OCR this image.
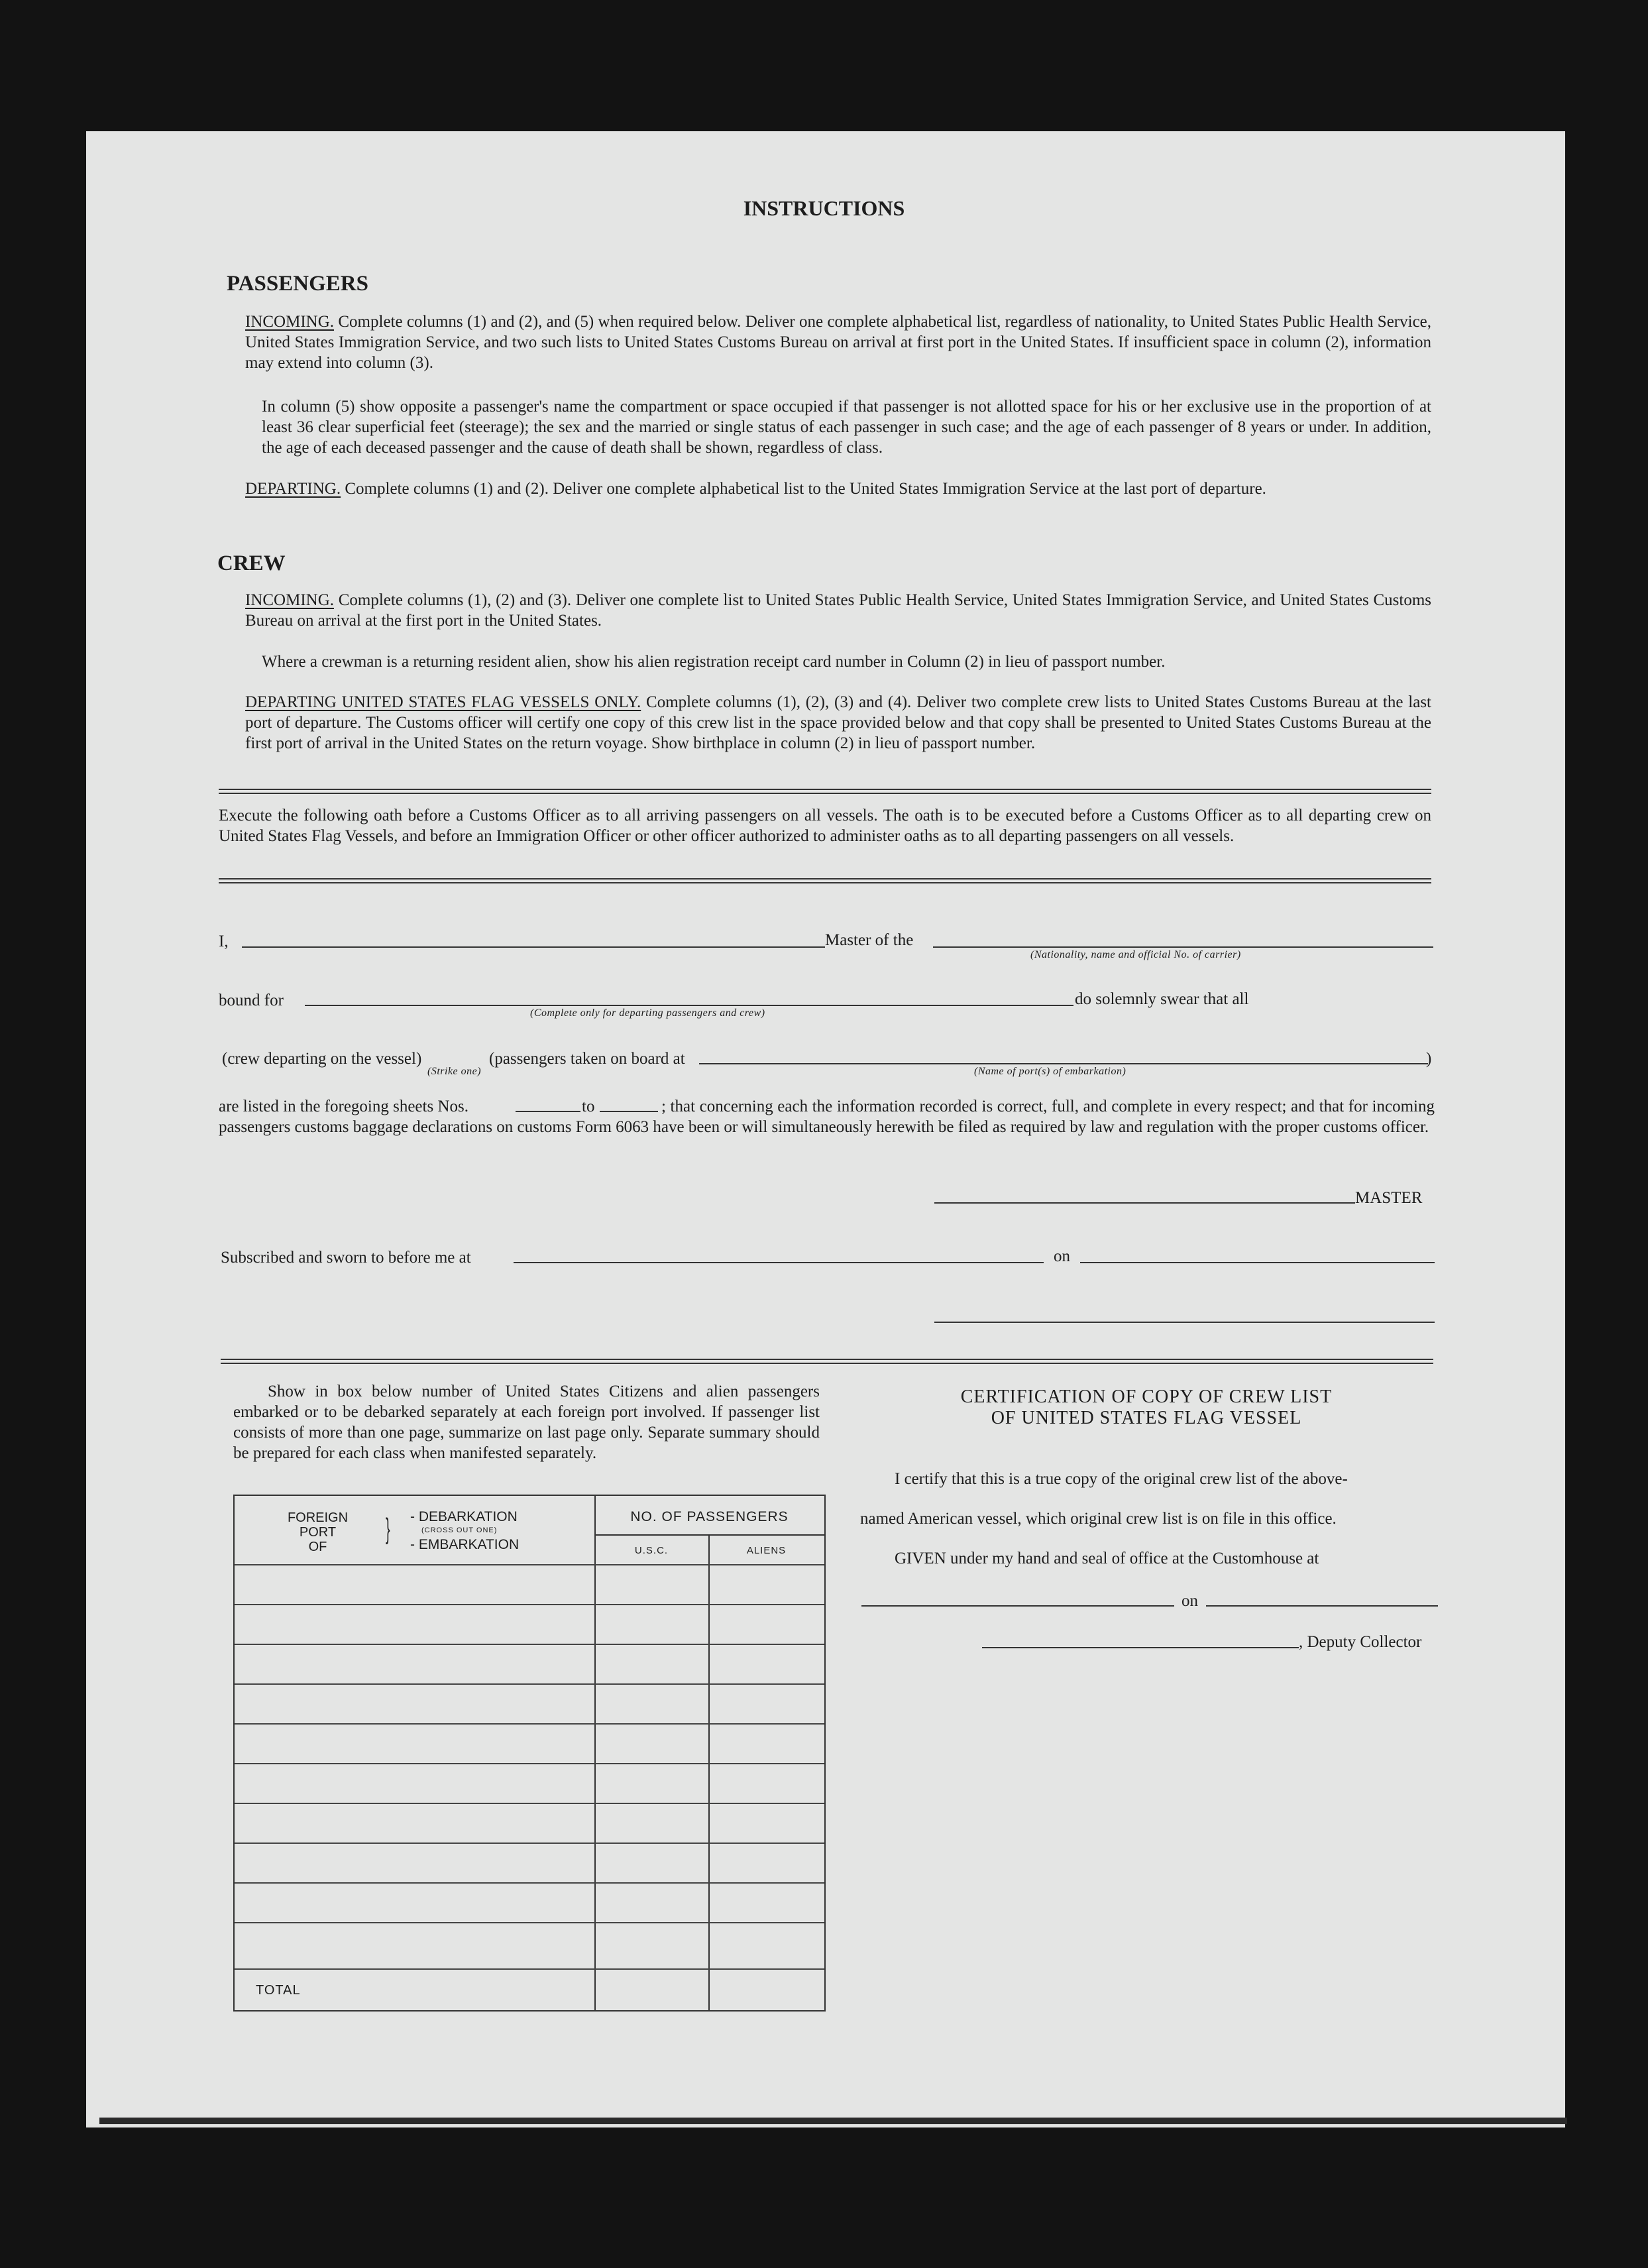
INSTRUCTIONS
PASSENGERS
INCOMING. Complete columns (1) and (2), and (5) when required below. Deliver one complete alphabetical list, regardless of nationality, to United States Public Health Service, United States Immigration Service, and two such lists to United States Customs Bureau on arrival at first port in the United States. If insufficient space in column (2), information may extend into column (3).
In column (5) show opposite a passenger's name the compartment or space occupied if that passenger is not allotted space for his or her exclusive use in the proportion of at least 36 clear superficial feet (steerage); the sex and the married or single status of each passenger in such case; and the age of each passenger of 8 years or under. In addition, the age of each deceased passenger and the cause of death shall be shown, regardless of class.
DEPARTING. Complete columns (1) and (2). Deliver one complete alphabetical list to the United States Immigration Service at the last port of departure.
CREW
INCOMING. Complete columns (1), (2) and (3). Deliver one complete list to United States Public Health Service, United States Immigration Service, and United States Customs Bureau on arrival at the first port in the United States.
Where a crewman is a returning resident alien, show his alien registration receipt card number in Column (2) in lieu of passport number.
DEPARTING UNITED STATES FLAG VESSELS ONLY. Complete columns (1), (2), (3) and (4). Deliver two complete crew lists to United States Customs Bureau at the last port of departure. The Customs officer will certify one copy of this crew list in the space provided below and that copy shall be presented to United States Customs Bureau at the first port of arrival in the United States on the return voyage. Show birthplace in column (2) in lieu of passport number.
Execute the following oath before a Customs Officer as to all arriving passengers on all vessels. The oath is to be executed before a Customs Officer as to all departing crew on United States Flag Vessels, and before an Immigration Officer or other officer authorized to administer oaths as to all departing passengers on all vessels.
I,	Master of the
(Nationality, name and official No. of carrier)
bound for
(Complete only for departing passengers and crew)
do solemnly swear that all
(crew departing on the vessel)
(Strike one)
(passengers taken on board at
(Name of port(s) of embarkation)
)
are listed in the foregoing sheets Nos.	to	; that concerning each the information recorded is correct, full, and complete in every respect; and that for incoming passengers customs baggage declarations on customs Form 6063 have been or will simultaneously herewith be filed as required by law and regulation with the proper customs officer.
MASTER
Subscribed and sworn to before me at	on
Show in box below number of United States Citizens and alien passengers embarked or to be debarked separately at each foreign port involved. If passenger list consists of more than one page, summarize on last page only. Separate summary should be prepared for each class when manifested separately.
FOREIGN PORT OF
} - DEBARKATION
(CROSS OUT ONE)
- EMBARKATION
NO. OF PASSENGERS
U.S.C.	ALIENS
TOTAL
CERTIFICATION OF COPY OF CREW LIST
OF UNITED STATES FLAG VESSEL
I certify that this is a true copy of the original crew list of the above-
named American vessel, which original crew list is on file in this office.
GIVEN under my hand and seal of office at the Customhouse at
on
, Deputy Collector
